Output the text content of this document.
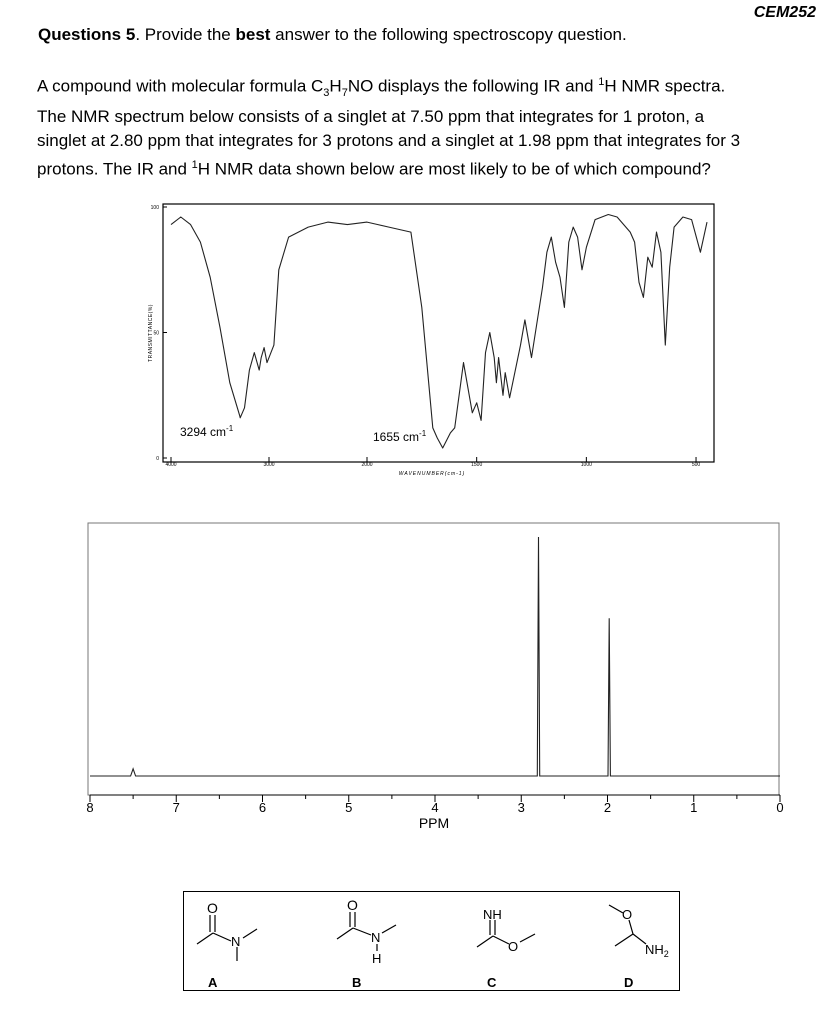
CEM252
Questions 5. Provide the best answer to the following spectroscopy question.

A compound with molecular formula $C_3H_7NO$ displays the following IR and $^1$H NMR spectra.

The NMR spectrum below consists of a singlet at 7.50 ppm that integrates for 1 proton, a

singlet at 2.80 ppm that integrates for 3 protons and a singlet at 1.98 ppm that integrates for 3

protons. The IR and $^1$H NMR data shown below are most likely to be of which compound?

TRANSMITTANCE(%)
100
50
0
4000	3000	2000	1500	1000	500
WAVENUMBER(cm-1)
3294 $cm^{-1}$
1655 $cm^{-1}$
8	7	6	5	4	3	2	1	0
PPM
O
N
A
O
N
H
B
NH
O
C
O
$NH_2$
D
